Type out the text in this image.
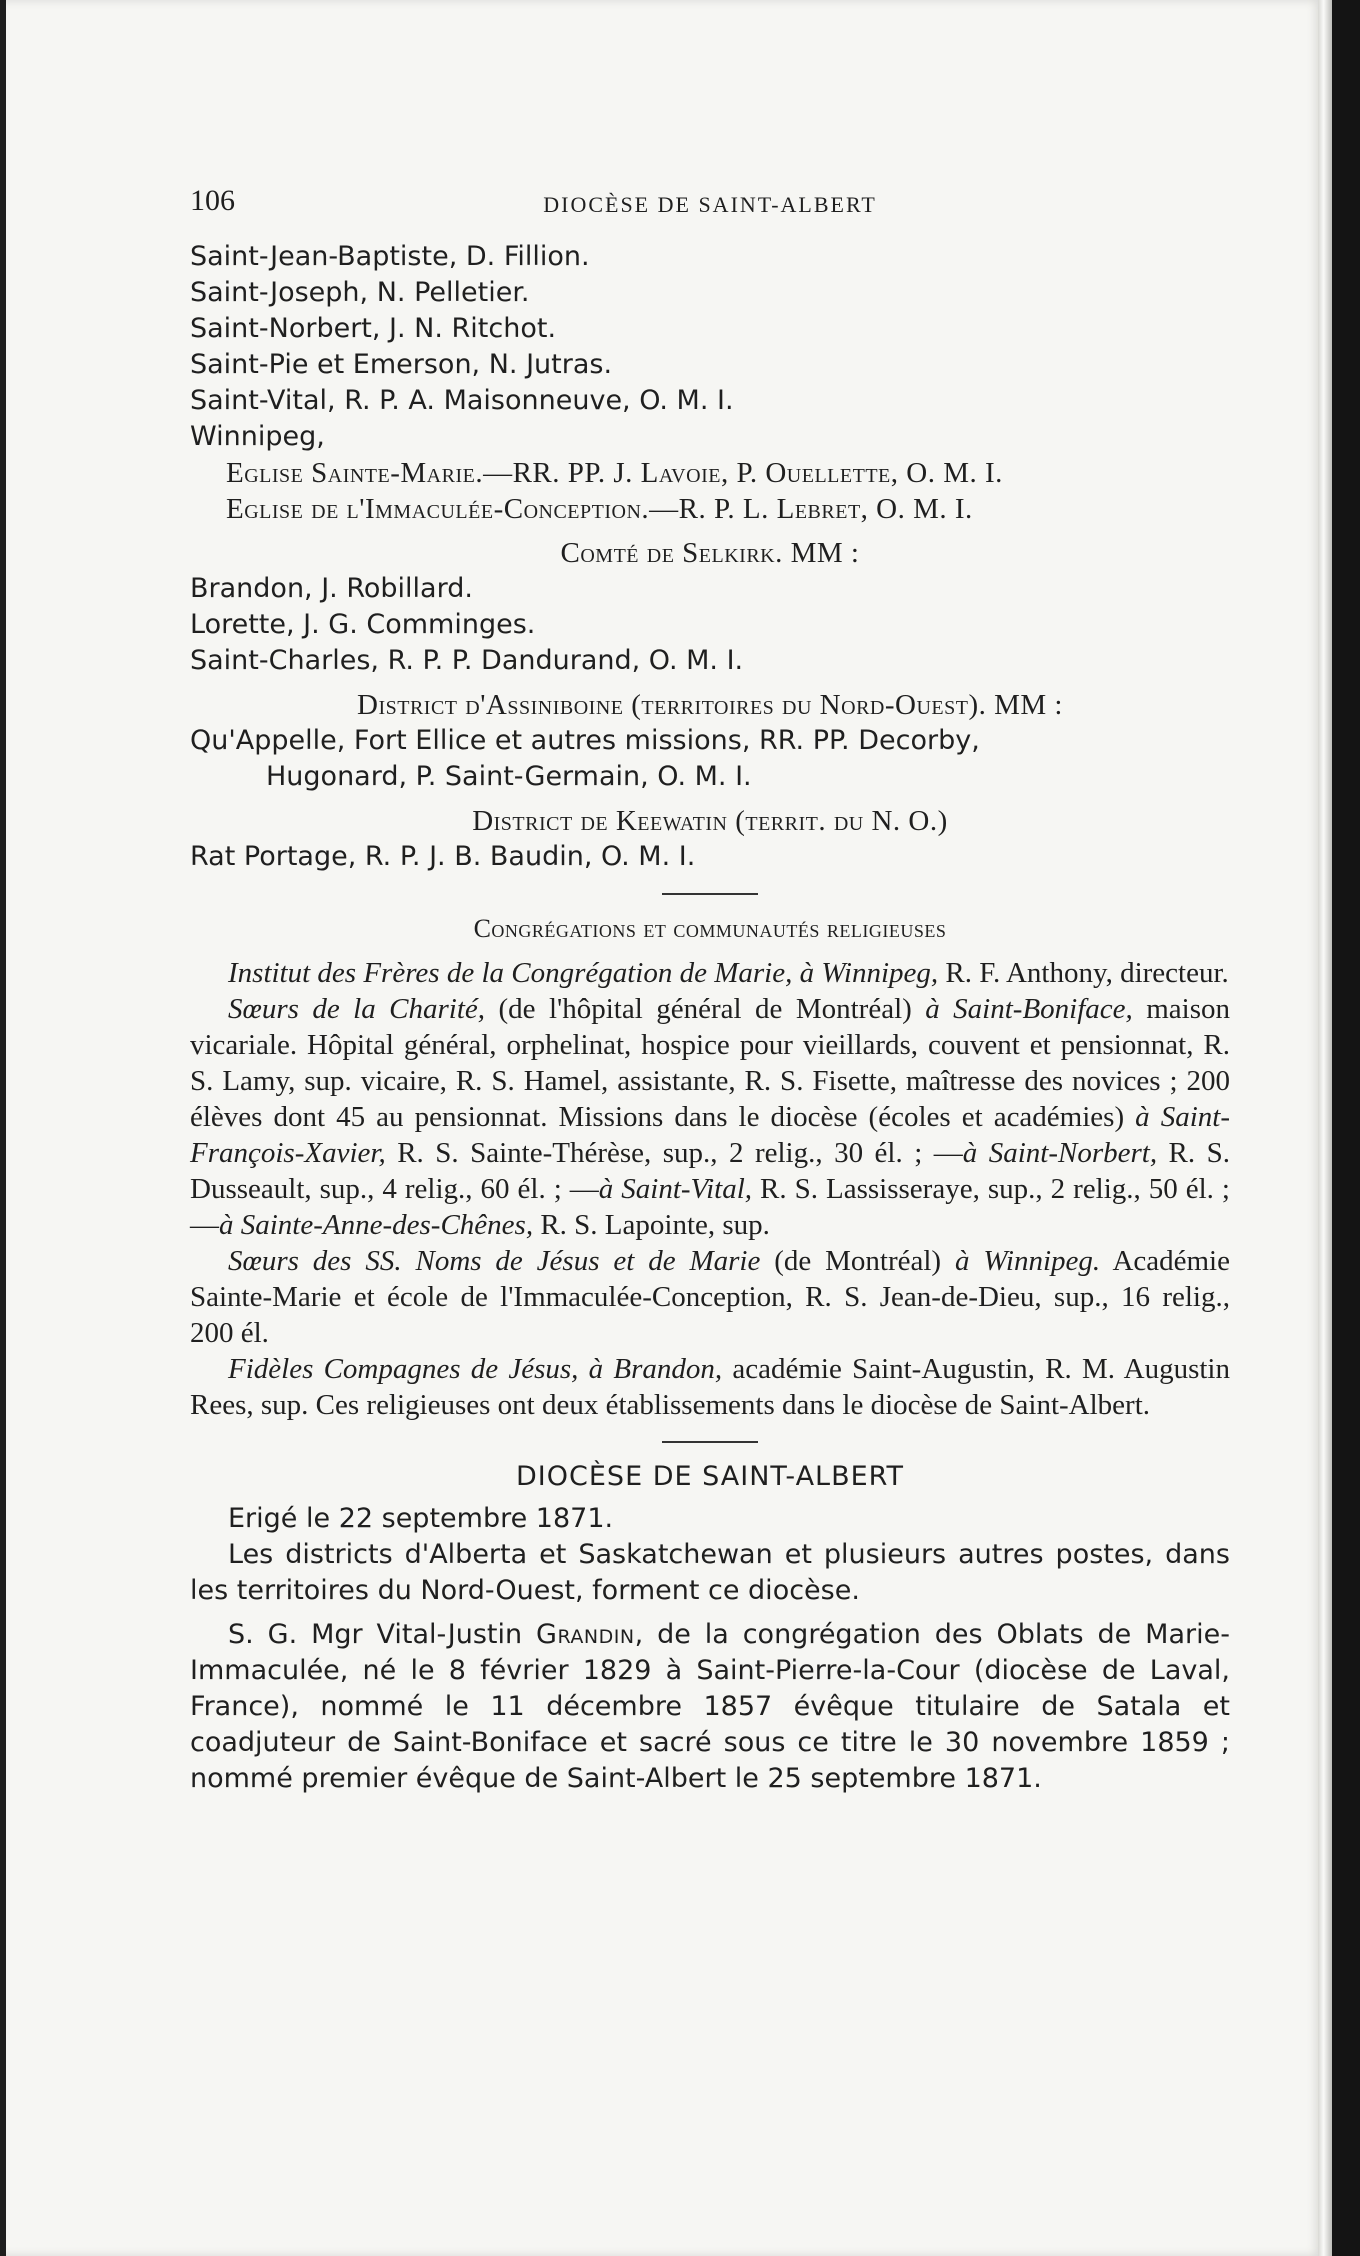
106	DIOCÈSE DE SAINT-ALBERT
Saint-Jean-Baptiste, D. Fillion.
Saint-Joseph, N. Pelletier.
Saint-Norbert, J. N. Ritchot.
Saint-Pie et Emerson, N. Jutras.
Saint-Vital, R. P. A. Maisonneuve, O. M. I.
Winnipeg,
Eglise Sainte-Marie.—RR. PP. J. Lavoie, P. Ouellette, O. M. I.
Eglise de l'Immaculée-Conception.—R. P. L. Lebret, O. M. I.
Comté de Selkirk. MM :
Brandon, J. Robillard.
Lorette, J. G. Comminges.
Saint-Charles, R. P. P. Dandurand, O. M. I.
District d'Assiniboine (territoires du Nord-Ouest). MM :
Qu'Appelle, Fort Ellice et autres missions, RR. PP. Decorby,
Hugonard, P. Saint-Germain, O. M. I.
District de Keewatin (territ. du N. O.)
Rat Portage, R. P. J. B. Baudin, O. M. I.
Congrégations et communautés religieuses

Institut des Frères de la Congrégation de Marie, à Winnipeg, R. F. Anthony, directeur.

Sœurs de la Charité, (de l'hôpital général de Montréal) à Saint-Boniface, maison vicariale. Hôpital général, orphelinat, hospice pour vieillards, couvent et pensionnat, R. S. Lamy, sup. vicaire, R. S. Hamel, assistante, R. S. Fisette, maîtresse des novices ; 200 élèves dont 45 au pensionnat. Missions dans le diocèse (écoles et académies) à Saint-François-Xavier, R. S. Sainte-Thérèse, sup., 2 relig., 30 él. ; —à Saint-Norbert, R. S. Dusseault, sup., 4 relig., 60 él. ; —à Saint-Vital, R. S. Lassisseraye, sup., 2 relig., 50 él. ;—à Sainte-Anne-des-Chênes, R. S. Lapointe, sup.

Sœurs des SS. Noms de Jésus et de Marie (de Montréal) à Winnipeg. Académie Sainte-Marie et école de l'Immaculée-Conception, R. S. Jean-de-Dieu, sup., 16 relig., 200 él.

Fidèles Compagnes de Jésus, à Brandon, académie Saint-Augustin, R. M. Augustin Rees, sup. Ces religieuses ont deux établissements dans le diocèse de Saint-Albert.

DIOCÈSE DE SAINT-ALBERT

Erigé le 22 septembre 1871.

Les districts d'Alberta et Saskatchewan et plusieurs autres postes, dans les territoires du Nord-Ouest, forment ce diocèse.

S. G. Mgr Vital-Justin Grandin, de la congrégation des Oblats de Marie-Immaculée, né le 8 février 1829 à Saint-Pierre-la-Cour (diocèse de Laval, France), nommé le 11 décembre 1857 évêque titulaire de Satala et coadjuteur de Saint-Boniface et sacré sous ce titre le 30 novembre 1859 ; nommé premier évêque de Saint-Albert le 25 septembre 1871.
